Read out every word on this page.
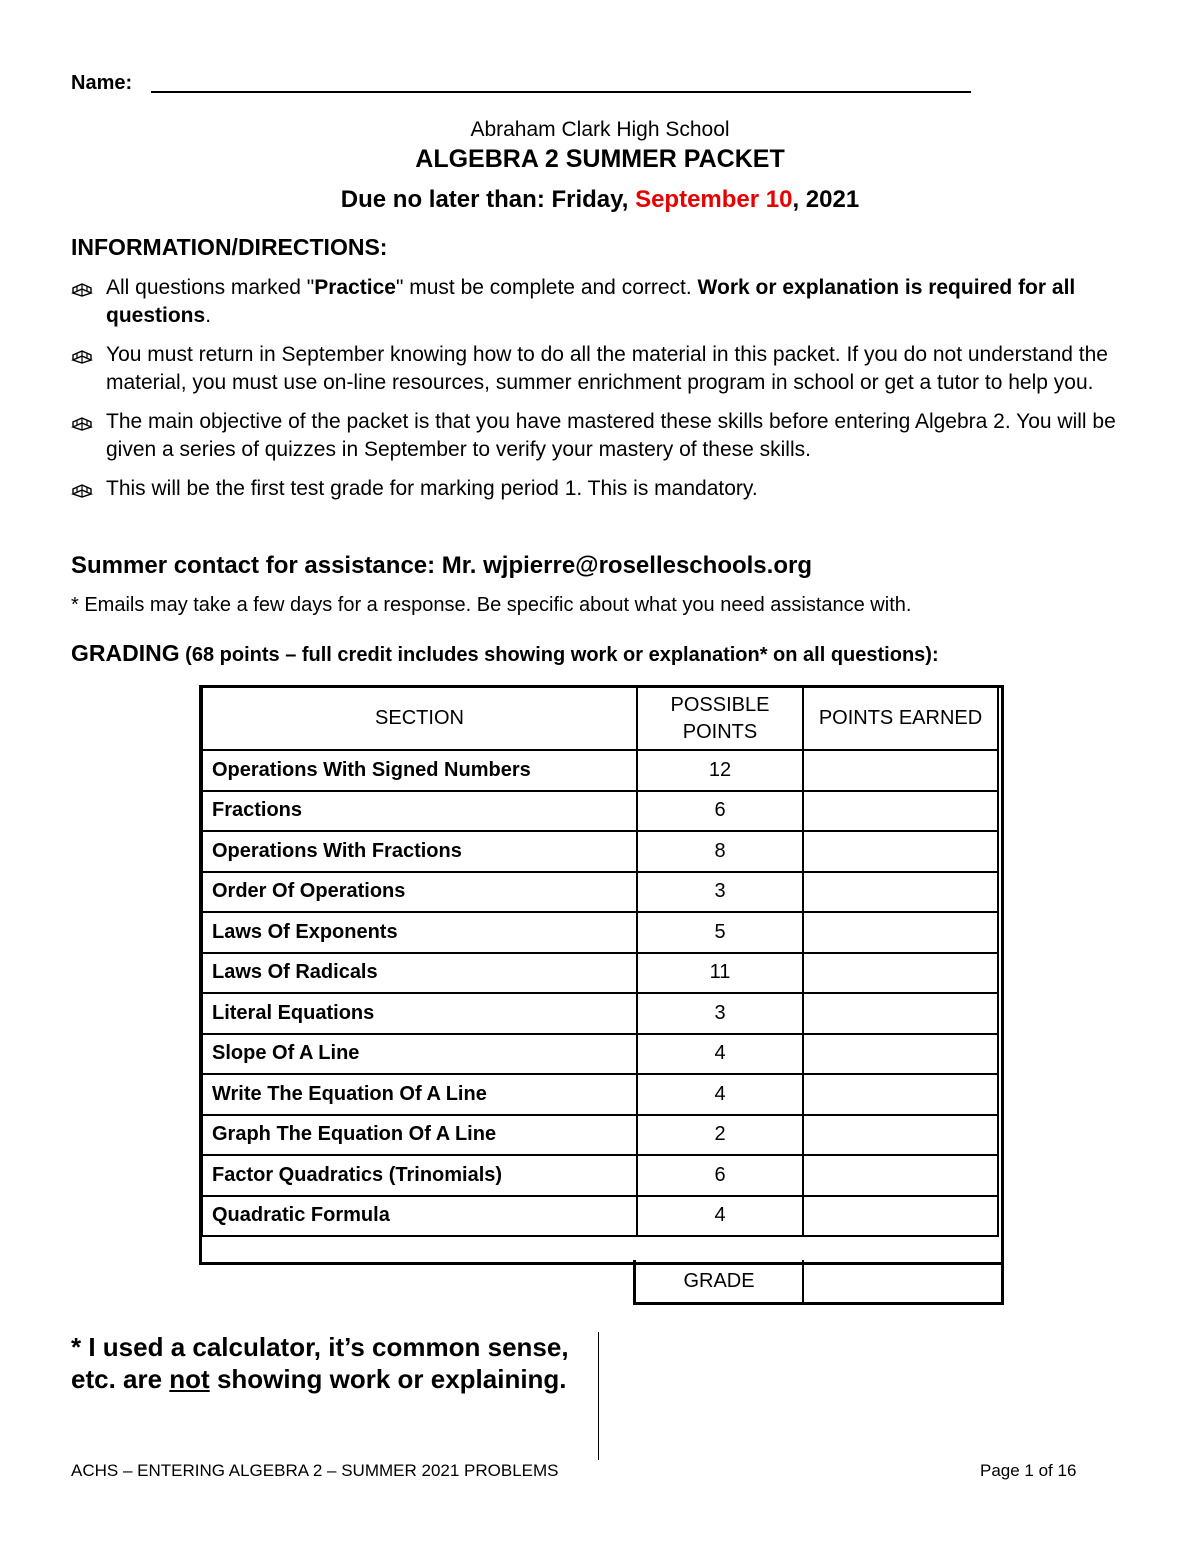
Name:
Abraham Clark High School
ALGEBRA 2 SUMMER PACKET
Due no later than: Friday, September 10, 2021
INFORMATION/DIRECTIONS:
All questions marked "Practice" must be complete and correct. Work or explanation is required for all questions.
You must return in September knowing how to do all the material in this packet. If you do not understand the material, you must use on-line resources, summer enrichment program in school or get a tutor to help you.
The main objective of the packet is that you have mastered these skills before entering Algebra 2. You will be given a series of quizzes in September to verify your mastery of these skills.
This will be the first test grade for marking period 1. This is mandatory.
Summer contact for assistance: Mr. wjpierre@roselleschools.org
* Emails may take a few days for a response. Be specific about what you need assistance with.
GRADING (68 points – full credit includes showing work or explanation* on all questions):
SECTION	POSSIBLE POINTS	POINTS EARNED
Operations With Signed Numbers	12	
Fractions	6	
Operations With Fractions	8	
Order Of Operations	3	
Laws Of Exponents	5	
Laws Of Radicals	11	
Literal Equations	3	
Slope Of A Line	4	
Write The Equation Of A Line	4	
Graph The Equation Of A Line	2	
Factor Quadratics (Trinomials)	6	
Quadratic Formula	4	
GRADE
* I used a calculator, it’s common sense, etc. are not showing work or explaining.
ACHS – ENTERING ALGEBRA 2 – SUMMER 2021 PROBLEMS	Page 1 of 16
